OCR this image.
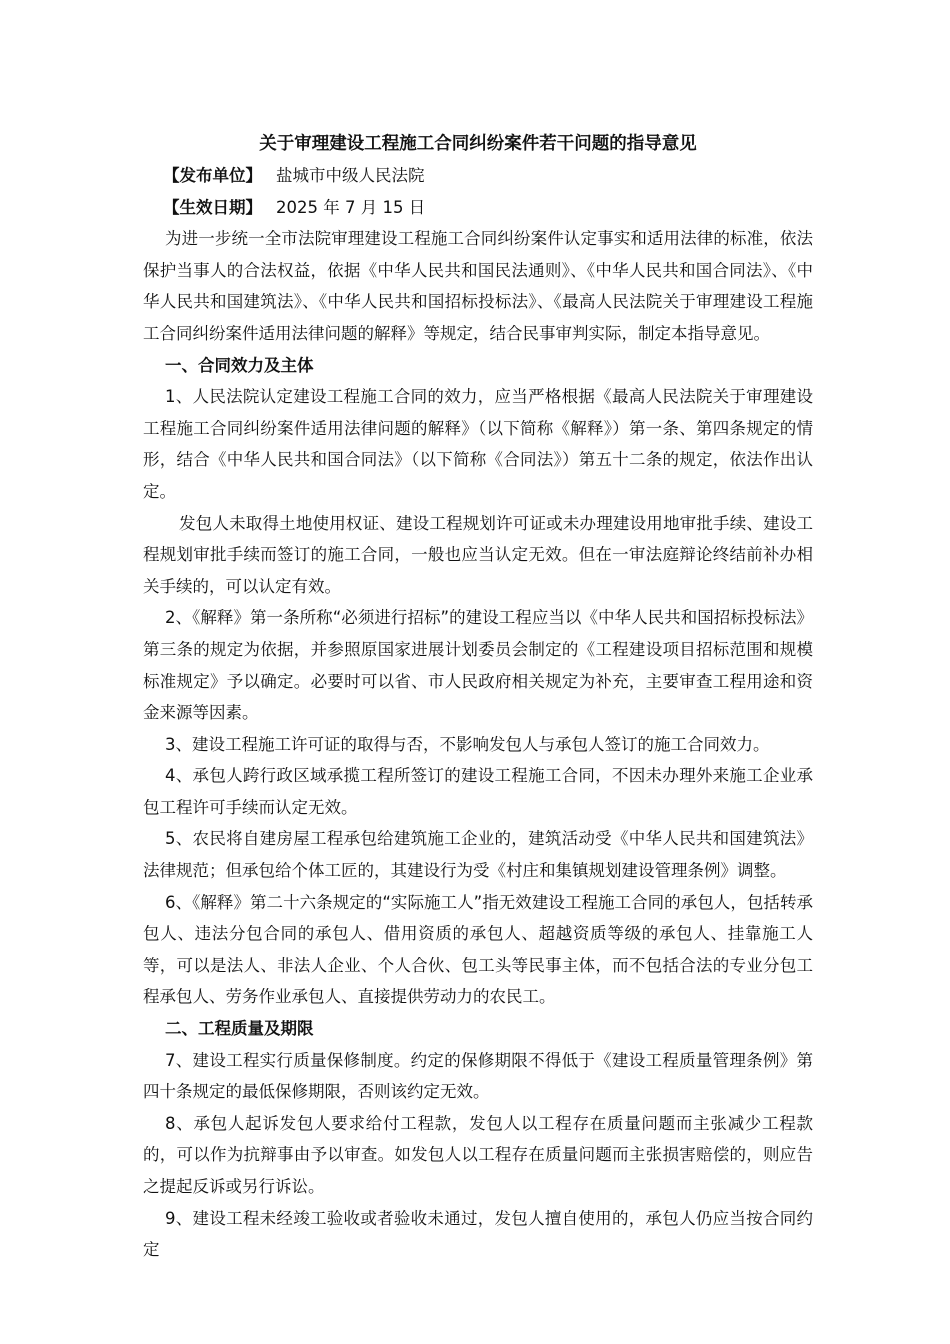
关于审理建设工程施工合同纠纷案件若干问题的指导意见

【发布单位】 盐城市中级人民法院

【生效日期】 2025 年 7 月 15 日

为进一步统一全市法院审理建设工程施工合同纠纷案件认定事实和适用法律的标准，依法保护当事人的合法权益，依据《中华人民共和国民法通则》、《中华人民共和国合同法》、《中华人民共和国建筑法》、《中华人民共和国招标投标法》、《最高人民法院关于审理建设工程施工合同纠纷案件适用法律问题的解释》等规定，结合民事审判实际，制定本指导意见。

一、合同效力及主体

1、人民法院认定建设工程施工合同的效力，应当严格根据《最高人民法院关于审理建设工程施工合同纠纷案件适用法律问题的解释》（以下简称《解释》）第一条、第四条规定的情形，结合《中华人民共和国合同法》（以下简称《合同法》）第五十二条的规定，依法作出认定。

发包人未取得土地使用权证、建设工程规划许可证或未办理建设用地审批手续、建设工程规划审批手续而签订的施工合同，一般也应当认定无效。但在一审法庭辩论终结前补办相关手续的，可以认定有效。

2、《解释》第一条所称“必须进行招标”的建设工程应当以《中华人民共和国招标投标法》第三条的规定为依据，并参照原国家进展计划委员会制定的《工程建设项目招标范围和规模标准规定》予以确定。必要时可以省、市人民政府相关规定为补充，主要审查工程用途和资金来源等因素。

3、建设工程施工许可证的取得与否，不影响发包人与承包人签订的施工合同效力。

4、承包人跨行政区域承揽工程所签订的建设工程施工合同，不因未办理外来施工企业承包工程许可手续而认定无效。

5、农民将自建房屋工程承包给建筑施工企业的，建筑活动受《中华人民共和国建筑法》法律规范；但承包给个体工匠的，其建设行为受《村庄和集镇规划建设管理条例》调整。

6、《解释》第二十六条规定的“实际施工人”指无效建设工程施工合同的承包人，包括转承包人、违法分包合同的承包人、借用资质的承包人、超越资质等级的承包人、挂靠施工人等，可以是法人、非法人企业、个人合伙、包工头等民事主体，而不包括合法的专业分包工程承包人、劳务作业承包人、直接提供劳动力的农民工。

二、工程质量及期限

7、建设工程实行质量保修制度。约定的保修期限不得低于《建设工程质量管理条例》第四十条规定的最低保修期限，否则该约定无效。

8、承包人起诉发包人要求给付工程款，发包人以工程存在质量问题而主张减少工程款的，可以作为抗辩事由予以审查。如发包人以工程存在质量问题而主张损害赔偿的，则应告之提起反诉或另行诉讼。

9、建设工程未经竣工验收或者验收未通过，发包人擅自使用的，承包人仍应当按合同约定
